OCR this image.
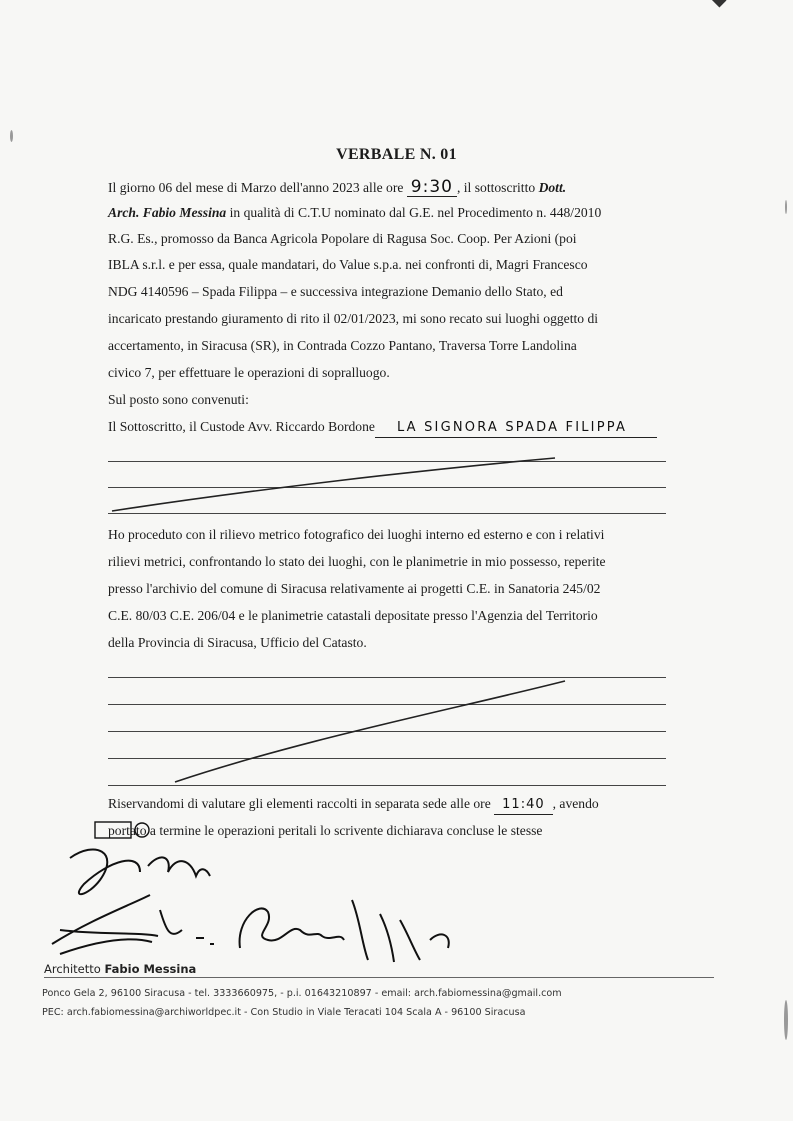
VERBALE N. 01
Il giorno 06 del mese di Marzo dell'anno 2023 alle ore 9:30 , il sottoscritto Dott.
Arch. Fabio Messina in qualità di C.T.U nominato dal G.E. nel Procedimento n. 448/2010
R.G. Es., promosso da Banca Agricola Popolare di Ragusa Soc. Coop. Per Azioni (poi
IBLA s.r.l. e per essa, quale mandatari, do Value s.p.a. nei confronti di, Magri Francesco
NDG 4140596 – Spada Filippa – e successiva integrazione Demanio dello Stato, ed
incaricato prestando giuramento di rito il 02/01/2023, mi sono recato sui luoghi oggetto di
accertamento, in Siracusa (SR), in Contrada Cozzo Pantano, Traversa Torre Landolina
civico 7, per effettuare le operazioni di sopralluogo.
Sul posto sono convenuti:
Il Sottoscritto, il Custode Avv. Riccardo Bordone LA SIGNORA SPADA FILIPPA
Ho proceduto con il rilievo metrico fotografico dei luoghi interno ed esterno e con i relativi
rilievi metrici, confrontando lo stato dei luoghi, con le planimetrie in mio possesso, reperite
presso l'archivio del comune di Siracusa relativamente ai progetti C.E. in Sanatoria 245/02
C.E. 80/03 C.E. 206/04 e le planimetrie catastali depositate presso l'Agenzia del Territorio
della Provincia di Siracusa, Ufficio del Catasto.
Riservandomi di valutare gli elementi raccolti in separata sede alle ore 11:40 , avendo
portato a termine le operazioni peritali lo scrivente dichiarava concluse le stesse
Architetto Fabio Messina
Ponco Gela 2, 96100 Siracusa - tel. 3333660975, - p.i. 01643210897 - email: arch.fabiomessina@gmail.com
PEC: arch.fabiomessina@archiworldpec.it - Con Studio in Viale Teracati 104 Scala A - 96100 Siracusa
